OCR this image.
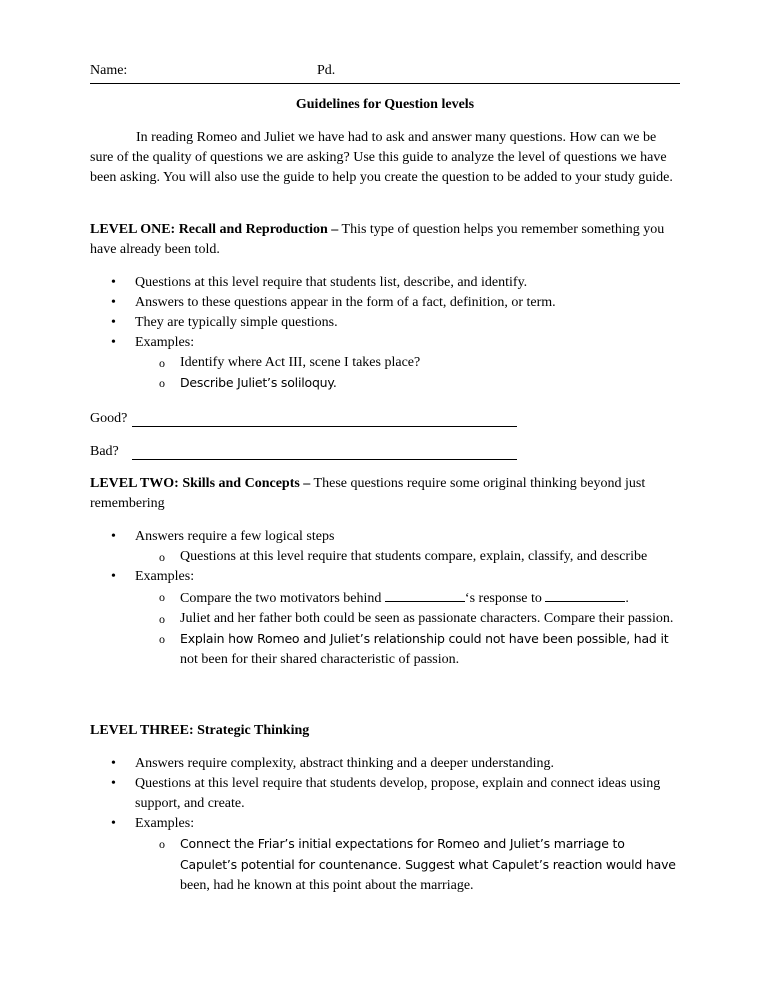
Name:	Pd.
Guidelines for Question levels
In reading Romeo and Juliet we have had to ask and answer many questions. How can we be sure of the quality of questions we are asking? Use this guide to analyze the level of questions we have been asking. You will also use the guide to help you create the question to be added to your study guide.
LEVEL ONE: Recall and Reproduction – This type of question helps you remember something you have already been told.
• Questions at this level require that students list, describe, and identify.
• Answers to these questions appear in the form of a fact, definition, or term.
• They are typically simple questions.
• Examples:
o Identify where Act III, scene I takes place?
o Describe Juliet’s soliloquy.
Good?
Bad?
LEVEL TWO: Skills and Concepts – These questions require some original thinking beyond just remembering
• Answers require a few logical steps
o Questions at this level require that students compare, explain, classify, and describe
• Examples:
o Compare the two motivators behind	‘s response to	.
o Juliet and her father both could be seen as passionate characters. Compare their passion.
o Explain how Romeo and Juliet’s relationship could not have been possible, had it
not been for their shared characteristic of passion.
LEVEL THREE: Strategic Thinking
• Answers require complexity, abstract thinking and a deeper understanding.
• Questions at this level require that students develop, propose, explain and connect ideas using support, and create.
• Examples:
o Connect the Friar’s initial expectations for Romeo and Juliet’s marriage to
Capulet’s potential for countenance. Suggest what Capulet’s reaction would have
been, had he known at this point about the marriage.
